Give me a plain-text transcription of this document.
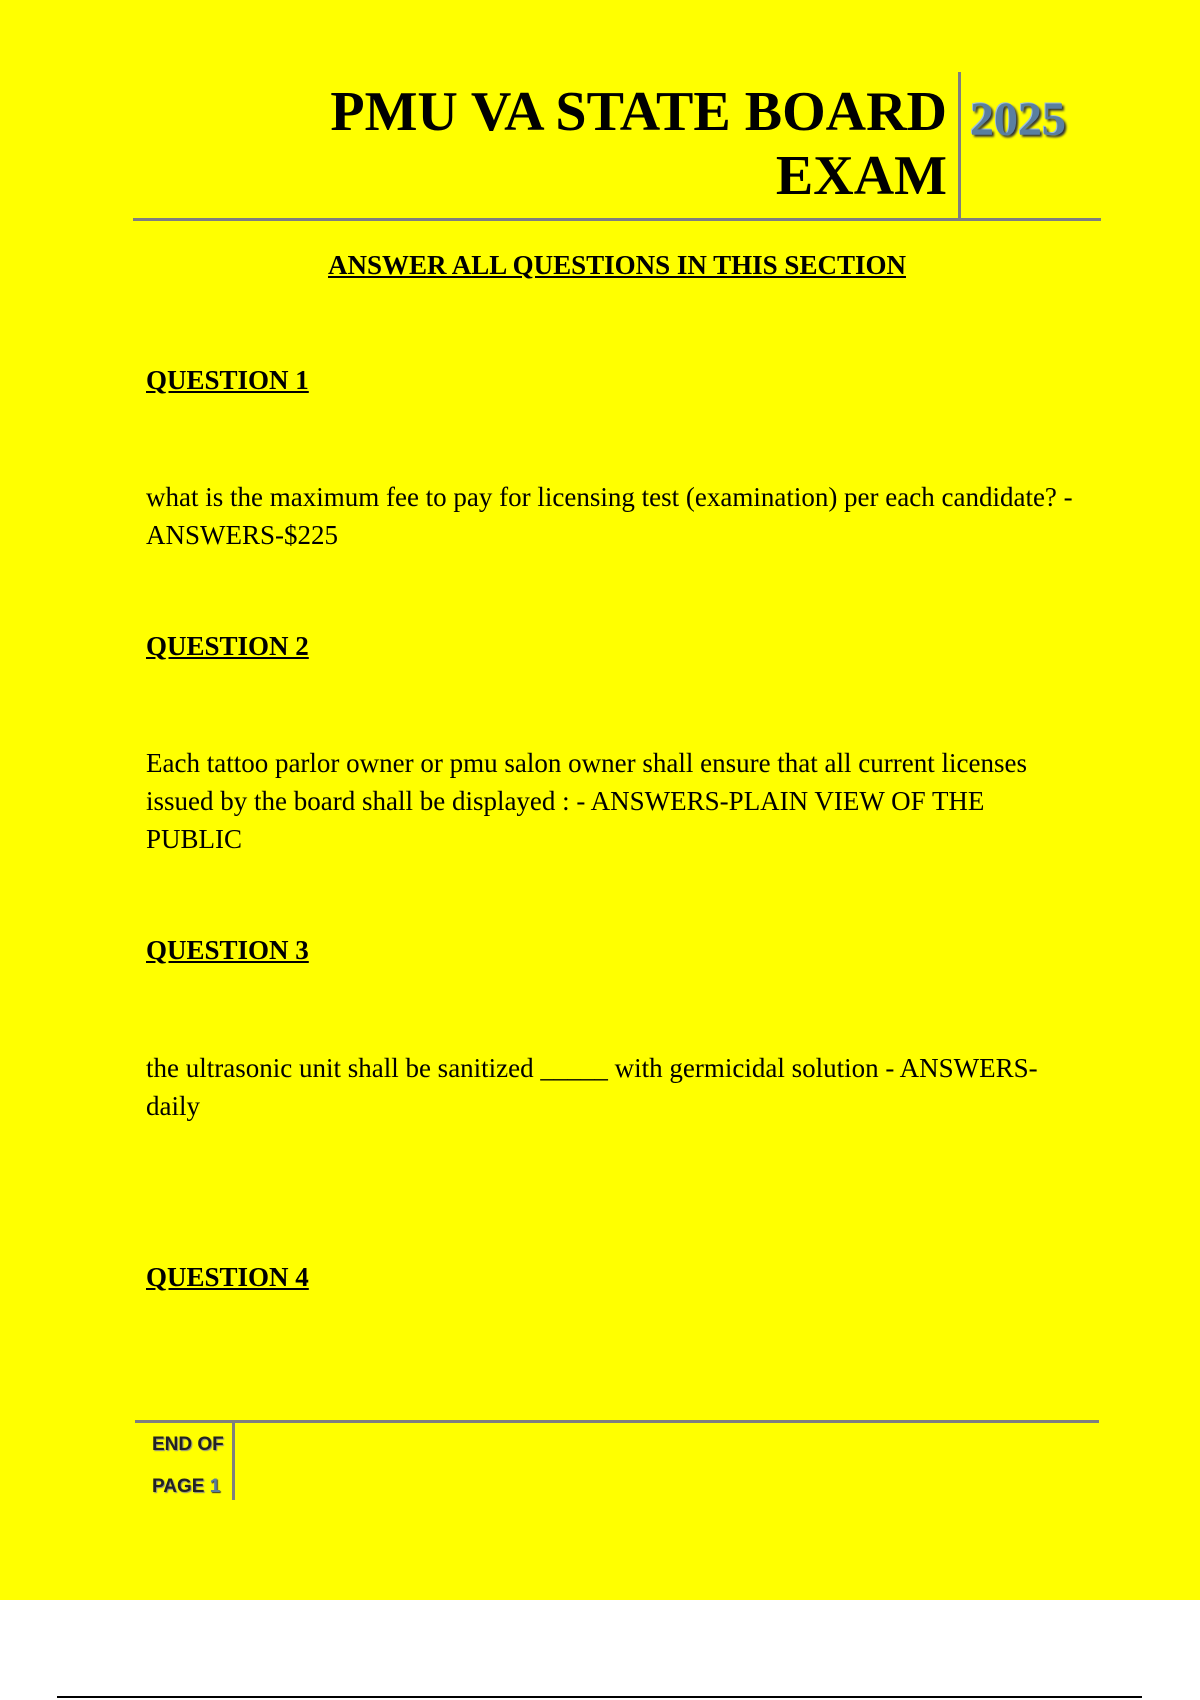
PMU VA STATE BOARD
EXAM
2025
ANSWER ALL QUESTIONS IN THIS SECTION
QUESTION 1
what is the maximum fee to pay for licensing test (examination) per each candidate? - ANSWERS-$225
QUESTION 2
Each tattoo parlor owner or pmu salon owner shall ensure that all current licenses issued by the board shall be displayed : - ANSWERS-PLAIN VIEW OF THE PUBLIC
QUESTION 3
the ultrasonic unit shall be sanitized _____ with germicidal solution - ANSWERS-daily
QUESTION 4
END OF
PAGE 1
